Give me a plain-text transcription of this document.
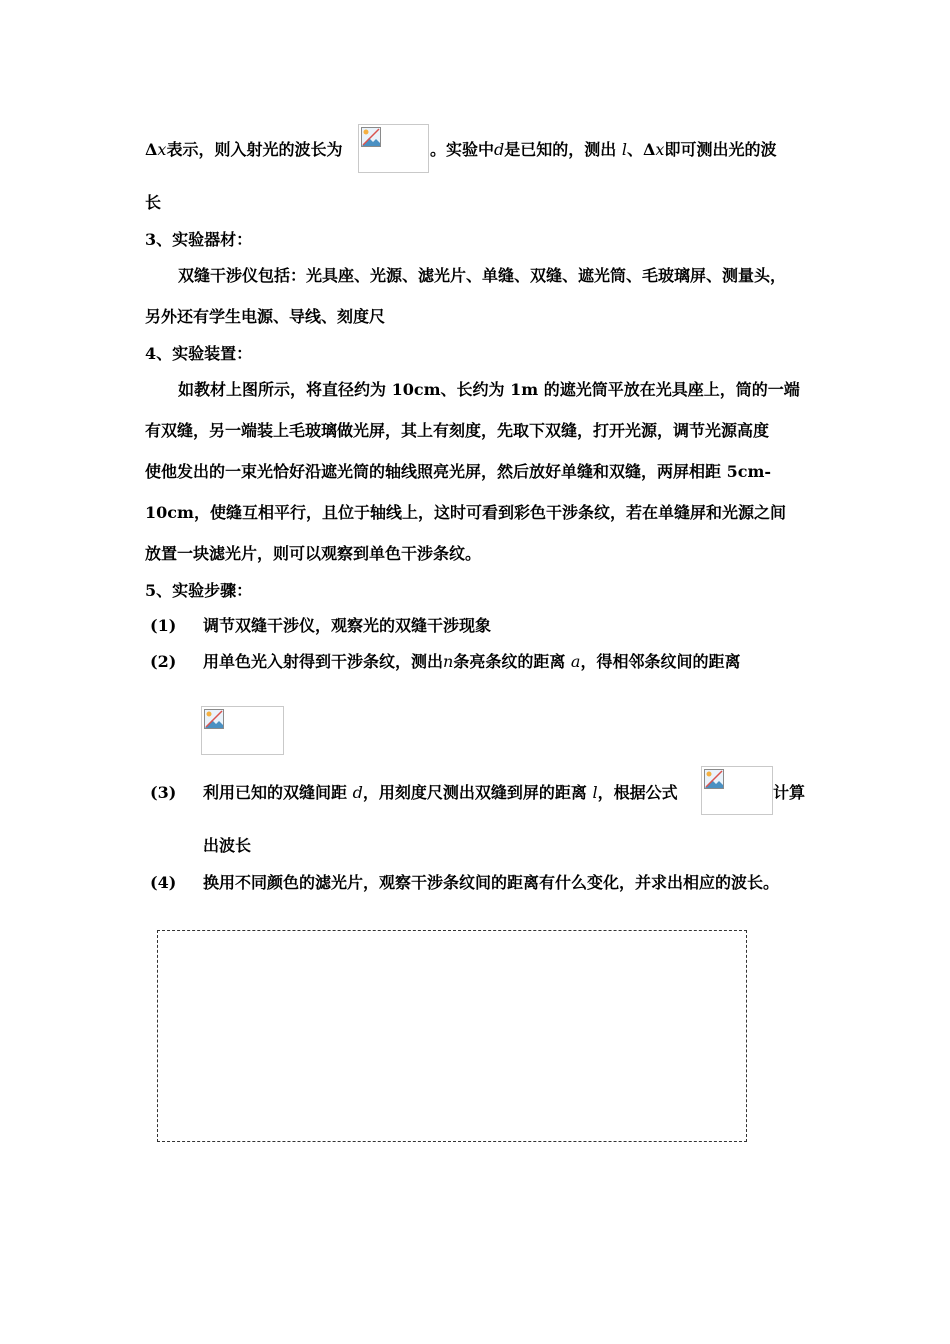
Δx表示，则入射光的波长为	。实验中d是已知的，测出 l、Δx即可测出光的波
长
3、实验器材：
双缝干涉仪包括：光具座、光源、滤光片、单缝、双缝、遮光筒、毛玻璃屏、测量头，
另外还有学生电源、导线、刻度尺
4、实验装置：
如教材上图所示，将直径约为 10cm、长约为 1m 的遮光筒平放在光具座上，筒的一端
有双缝，另一端装上毛玻璃做光屏，其上有刻度，先取下双缝，打开光源，调节光源高度
使他发出的一束光恰好沿遮光筒的轴线照亮光屏，然后放好单缝和双缝，两屏相距 5cm-
10cm，使缝互相平行，且位于轴线上，这时可看到彩色干涉条纹，若在单缝屏和光源之间
放置一块滤光片，则可以观察到单色干涉条纹。
5、实验步骤：
(1) 调节双缝干涉仪，观察光的双缝干涉现象
(2) 用单色光入射得到干涉条纹，测出n条亮条纹的距离 a，得相邻条纹间的距离
(3) 利用已知的双缝间距 d，用刻度尺测出双缝到屏的距离 l，根据公式	计算
出波长
(4) 换用不同颜色的滤光片，观察干涉条纹间的距离有什么变化，并求出相应的波长。
